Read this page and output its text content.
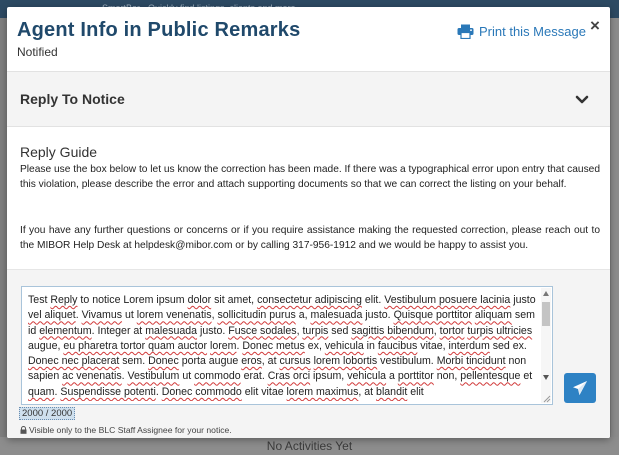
No Activities Yet
Agent Info in Public Remarks
Notified
Print this Message ×
Reply To Notice
Reply Guide
Please use the box below to let us know the correction has been made. If there was a typographical error upon entry that caused this violation, please describe the error and attach supporting documents so that we can correct the listing on your behalf.
If you have any further questions or concerns or if you require assistance making the requested correction, please reach out to the MIBOR Help Desk at helpdesk@mibor.com or by calling 317-956-1912 and we would be happy to assist you.
Test Reply to notice Lorem ipsum dolor sit amet, consectetur adipiscing elit. Vestibulum posuere lacinia justo vel aliquet. Vivamus ut lorem venenatis, sollicitudin purus a, malesuada justo. Quisque porttitor aliquam sem id elementum. Integer at malesuada justo. Fusce sodales, turpis sed sagittis bibendum, tortor turpis ultricies augue, eu pharetra tortor quam auctor lorem. Donec metus ex, vehicula in faucibus vitae, interdum sed ex. Donec nec placerat sem. Donec porta augue eros, at cursus lorem lobortis vestibulum. Morbi tincidunt non sapien ac venenatis. Vestibulum ut commodo erat. Cras orci ipsum, vehicula a porttitor non, pellentesque et quam. Suspendisse potenti. Donec commodo elit vitae lorem maximus, at blandit elit
2000 / 2000
Visible only to the BLC Staff Assignee for your notice.
